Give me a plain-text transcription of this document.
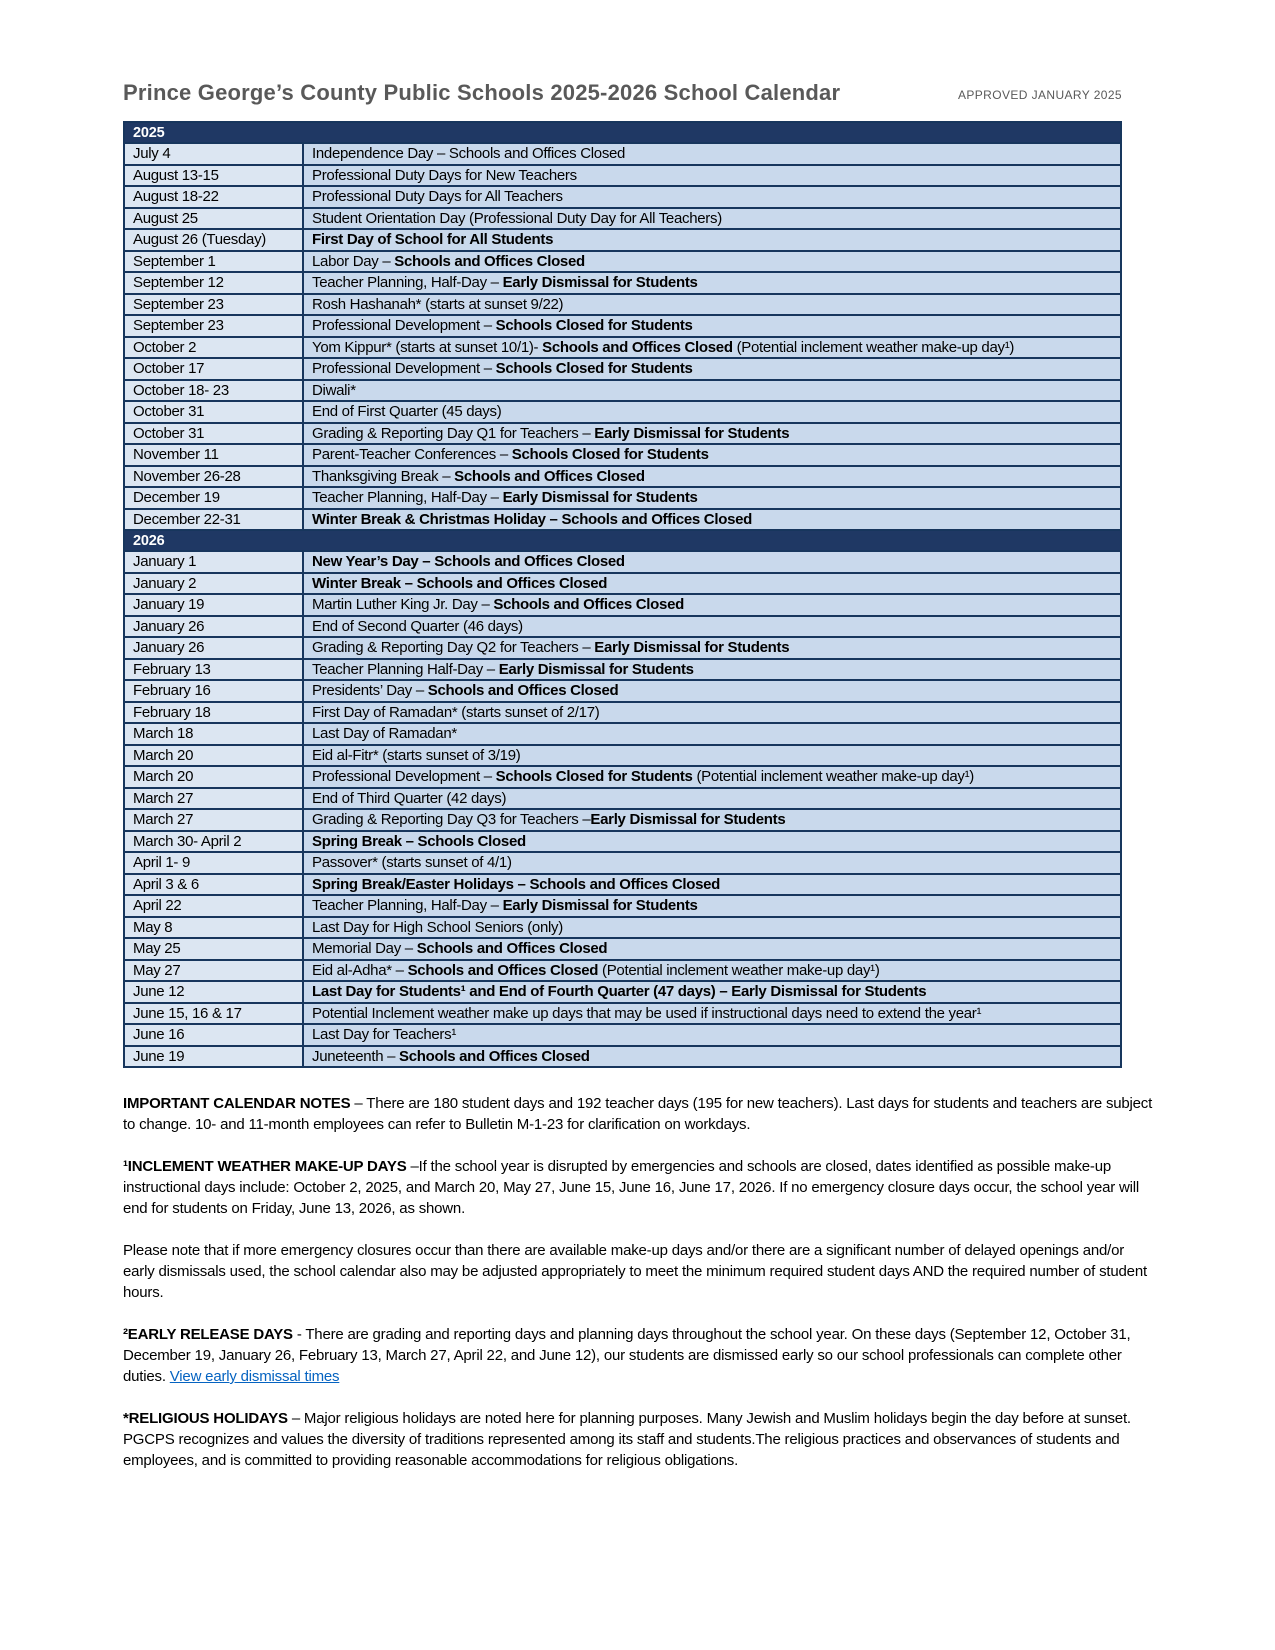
Prince George’s County Public Schools 2025-2026 School Calendar	APPROVED JANUARY 2025
2025
July 4	Independence Day – Schools and Offices Closed
August 13-15	Professional Duty Days for New Teachers
August 18-22	Professional Duty Days for All Teachers
August 25	Student Orientation Day (Professional Duty Day for All Teachers)
August 26 (Tuesday)	First Day of School for All Students
September 1	Labor Day – Schools and Offices Closed
September 12	Teacher Planning, Half-Day – Early Dismissal for Students
September 23	Rosh Hashanah* (starts at sunset 9/22)
September 23	Professional Development – Schools Closed for Students
October 2	Yom Kippur* (starts at sunset 10/1)- Schools and Offices Closed (Potential inclement weather make-up day¹)
October 17	Professional Development – Schools Closed for Students
October 18- 23	Diwali*
October 31	End of First Quarter (45 days)
October 31	Grading & Reporting Day Q1 for Teachers – Early Dismissal for Students
November 11	Parent-Teacher Conferences – Schools Closed for Students
November 26-28	Thanksgiving Break – Schools and Offices Closed
December 19	Teacher Planning, Half-Day – Early Dismissal for Students
December 22-31	Winter Break & Christmas Holiday – Schools and Offices Closed
2026
January 1	New Year’s Day – Schools and Offices Closed
January 2	Winter Break – Schools and Offices Closed
January 19	Martin Luther King Jr. Day – Schools and Offices Closed
January 26	End of Second Quarter (46 days)
January 26	Grading & Reporting Day Q2 for Teachers – Early Dismissal for Students
February 13	Teacher Planning Half-Day – Early Dismissal for Students
February 16	Presidents’ Day – Schools and Offices Closed
February 18	First Day of Ramadan* (starts sunset of 2/17)
March 18	Last Day of Ramadan*
March 20	Eid al-Fitr* (starts sunset of 3/19)
March 20	Professional Development – Schools Closed for Students (Potential inclement weather make-up day¹)
March 27	End of Third Quarter (42 days)
March 27	Grading & Reporting Day Q3 for Teachers –Early Dismissal for Students
March 30- April 2	Spring Break – Schools Closed
April 1- 9	Passover* (starts sunset of 4/1)
April 3 & 6	Spring Break/Easter Holidays – Schools and Offices Closed
April 22	Teacher Planning, Half-Day – Early Dismissal for Students
May 8	Last Day for High School Seniors (only)
May 25	Memorial Day – Schools and Offices Closed
May 27	Eid al-Adha* – Schools and Offices Closed (Potential inclement weather make-up day¹)
June 12	Last Day for Students¹ and End of Fourth Quarter (47 days) – Early Dismissal for Students
June 15, 16 & 17	Potential Inclement weather make up days that may be used if instructional days need to extend the year¹
June 16	Last Day for Teachers¹
June 19	Juneteenth – Schools and Offices Closed

IMPORTANT CALENDAR NOTES – There are 180 student days and 192 teacher days (195 for new teachers). Last days for students and teachers are subject to change. 10- and 11-month employees can refer to Bulletin M-1-23 for clarification on workdays.

¹INCLEMENT WEATHER MAKE-UP DAYS –If the school year is disrupted by emergencies and schools are closed, dates identified as possible make-up instructional days include: October 2, 2025, and March 20, May 27, June 15, June 16, June 17, 2026. If no emergency closure days occur, the school year will end for students on Friday, June 13, 2026, as shown.

Please note that if more emergency closures occur than there are available make-up days and/or there are a significant number of delayed openings and/or early dismissals used, the school calendar also may be adjusted appropriately to meet the minimum required student days AND the required number of student hours.

²EARLY RELEASE DAYS - There are grading and reporting days and planning days throughout the school year. On these days (September 12, October 31, December 19, January 26, February 13, March 27, April 22, and June 12), our students are dismissed early so our school professionals can complete other duties. View early dismissal times

*RELIGIOUS HOLIDAYS – Major religious holidays are noted here for planning purposes. Many Jewish and Muslim holidays begin the day before at sunset. PGCPS recognizes and values the diversity of traditions represented among its staff and students.The religious practices and observances of students and employees, and is committed to providing reasonable accommodations for religious obligations.
